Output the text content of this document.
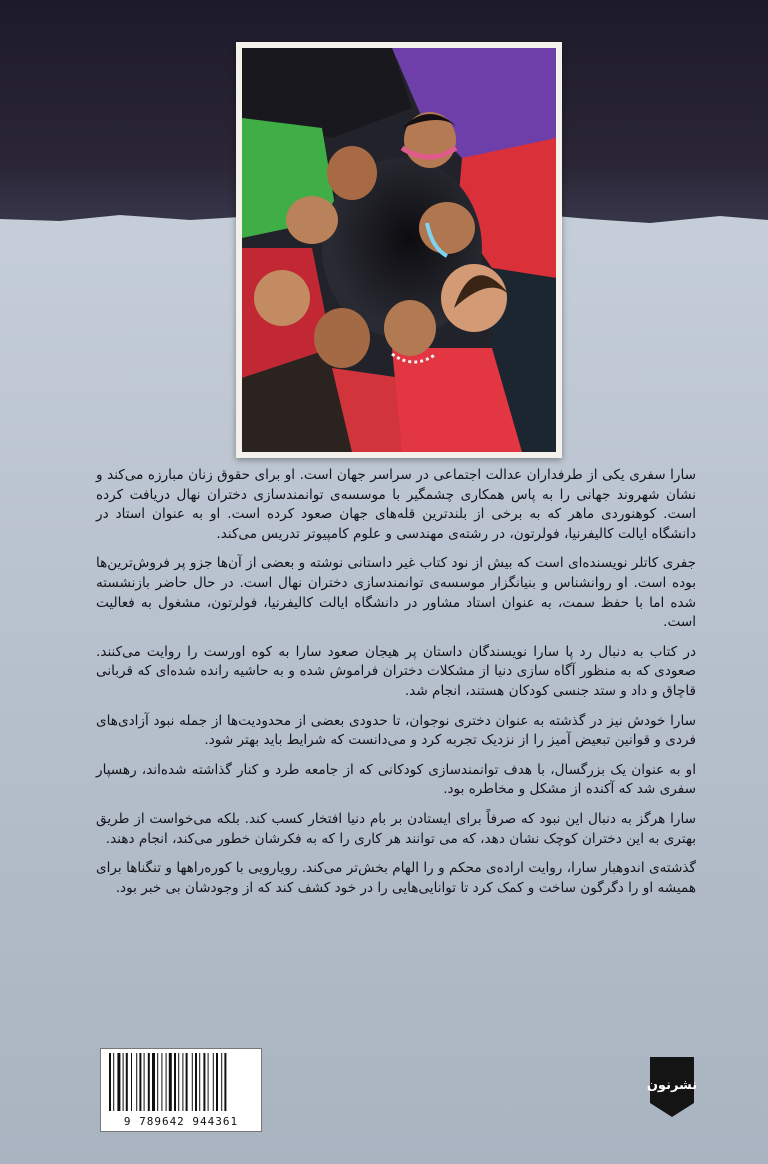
سارا سفری یکی از طرفداران عدالت اجتماعی در سراسر جهان است. او برای حقوق زنان مبارزه می‌کند و نشان شهروند جهانی را به پاس همکاری چشمگیر با موسسه‌ی توانمندسازی دختران نهال دریافت کرده است. کوهنوردی ماهر که به برخی از بلندترین قله‌های جهان صعود کرده است. او به عنوان استاد در دانشگاه ایالت کالیفرنیا، فولرتون، در رشته‌ی مهندسی و علوم کامپیوتر تدریس می‌کند.

جفری کاتلر نویسنده‌ای است که بیش از نود کتاب غیر داستانی نوشته و بعضی از آن‌ها جزو پر فروش‌ترین‌ها بوده است. او روانشناس و بنیانگزار موسسه‌ی توانمندسازی دختران نهال است. در حال حاضر بازنشسته شده اما با حفظ سمت، به عنوان استاد مشاور در دانشگاه ایالت کالیفرنیا، فولرتون، مشغول به فعالیت است.

در کتاب به دنبال رد پا سارا نویسندگان داستان پر هیجان صعود سارا به کوه اورست را روایت می‌کنند. صعودی که به منظور آگاه سازی دنیا از مشکلات دختران فراموش شده و به حاشیه رانده شده‌ای که قربانی قاچاق و داد و ستد جنسی کودکان هستند، انجام شد.

سارا خودش نیز در گذشته به عنوان دختری نوجوان، تا حدودی بعضی از محدودیت‌ها از جمله نبود آزادی‌های فردی و قوانین تبعیض آمیز را از نزدیک تجربه کرد و می‌دانست که شرایط باید بهتر شود.

او به عنوان یک بزرگسال، با هدف توانمندسازی کودکانی که از جامعه طرد و کنار گذاشته شده‌اند، رهسپار سفری شد که آکنده از مشکل و مخاطره بود.

سارا هرگز به دنبال این نبود که صرفاً برای ایستادن بر بام دنیا افتخار کسب کند. بلکه می‌خواست از طریق بهتری به این دختران کوچک نشان دهد، که می توانند هر کاری را که به فکرشان خطور می‌کند، انجام دهند.

گذشته‌ی اندوهبار سارا، روایت اراده‌ی محکم و را الهام بخش‌تر می‌کند. رویارویی با کوره‌راهها و تنگناها برای همیشه او را دگرگون ساخت و کمک کرد تا توانایی‌هایی را در خود کشف کند که از وجودشان بی خبر بود.

9 789642 944361
نشرنون
